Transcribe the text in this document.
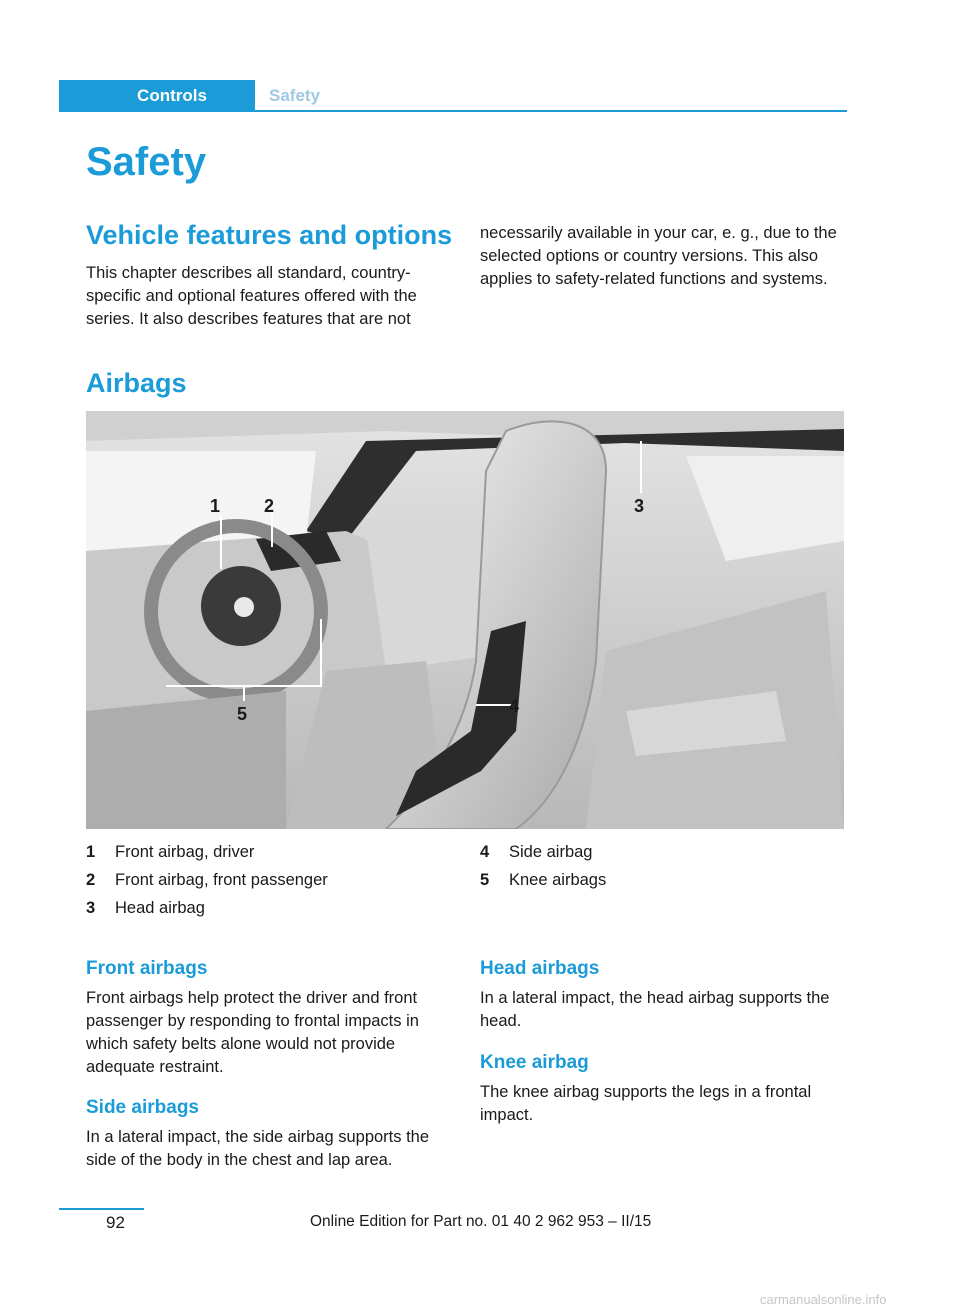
Controls	Safety
Safety
Vehicle features and options

This chapter describes all standard, country-specific and optional features offered with the series. It also describes features that are not

necessarily available in your car, e. g., due to the selected options or country versions. This also applies to safety-related functions and systems.

Airbags
1 2	3
4
5
1	Front airbag, driver
2	Front airbag, front passenger
3	Head airbag
4	Side airbag
5	Knee airbags
Front airbags

Front airbags help protect the driver and front passenger by responding to frontal impacts in which safety belts alone would not provide adequate restraint.

Side airbags

In a lateral impact, the side airbag supports the side of the body in the chest and lap area.

Head airbags

In a lateral impact, the head airbag supports the head.

Knee airbag

The knee airbag supports the legs in a frontal impact.

92	Online Edition for Part no. 01 40 2 962 953 – II/15
carmanualsonline.info
